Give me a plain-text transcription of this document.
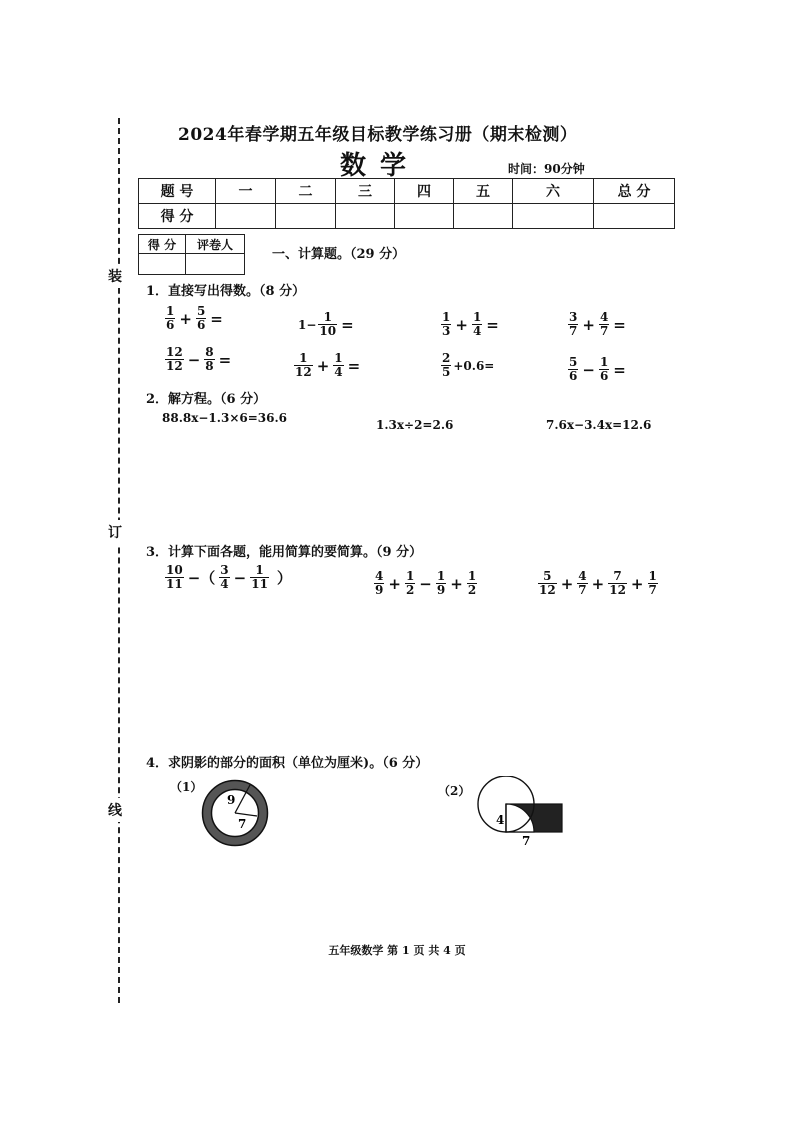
装
订
线
2024年春学期五年级目标教学练习册（期末检测）
数学	时间：90分钟
题 号	一	二	三	四	五	六	总 分
得 分							
得 分	评卷人

一、计算题。（29 分）
1．直接写出得数。（8 分）
$\frac{1}{6} + \frac{5}{6}$ =	$1- \frac{1}{10}$ =	$\frac{1}{3} + \frac{1}{4}$ =	$\frac{3}{7} + \frac{4}{7}$ =
$\frac{12}{12} - \frac{8}{8}$ =	$\frac{1}{12} + \frac{1}{4}$ =	$\frac{2}{5} +0.6=$	$\frac{5}{6} - \frac{1}{6}$ =
2．解方程。（6 分）
88.8x−1.3×6=36.6	1.3x÷2=2.6	7.6x−3.4x=12.6
3．计算下面各题，能用简算的要简算。（9 分）
$\frac{10}{11}$ −（ $\frac{3}{4} - \frac{1}{11}$ ）	$\frac{4}{9} + \frac{1}{2} - \frac{1}{9} + \frac{1}{2}$	$\frac{5}{12} + \frac{4}{7} + \frac{7}{12} + \frac{1}{7}$
4．求阴影的部分的面积（单位为厘米)。（6 分）
（1）
9
7
（2）
4
7
五年级数学 第 1 页 共 4 页
